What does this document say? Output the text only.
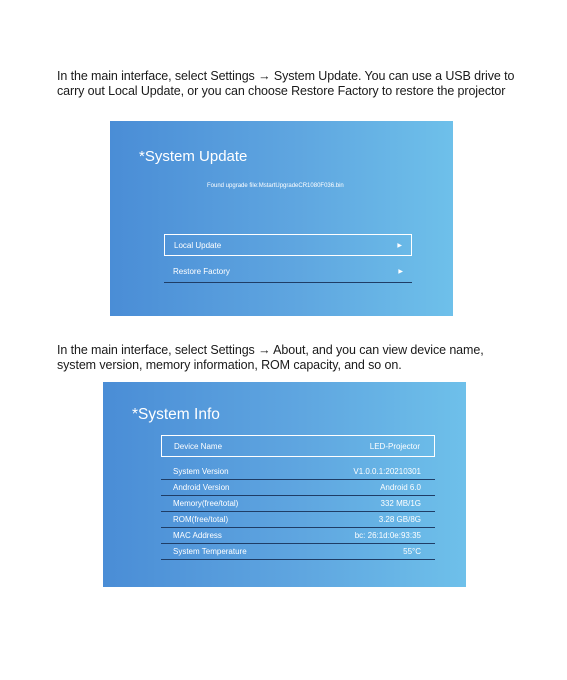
In the main interface, select Settings → System Update. You can use a USB drive to carry out Local Update, or you can choose Restore Factory to restore the projector
*System Update
Found upgrade file:MstartUpgradeCR1080F036.bin
Local Update	▶
Restore Factory	▶
In the main interface, select Settings → About, and you can view device name, system version, memory information, ROM capacity, and so on.
*System Info
Device Name	LED-Projector
System Version	V1.0.0.1:20210301
Android Version	Android 6.0
Memory(free/total)	332 MB/1G
ROM(free/total)	3.28 GB/8G
MAC Address	bc: 26:1d:0e:93:35
System Temperature	55°C
